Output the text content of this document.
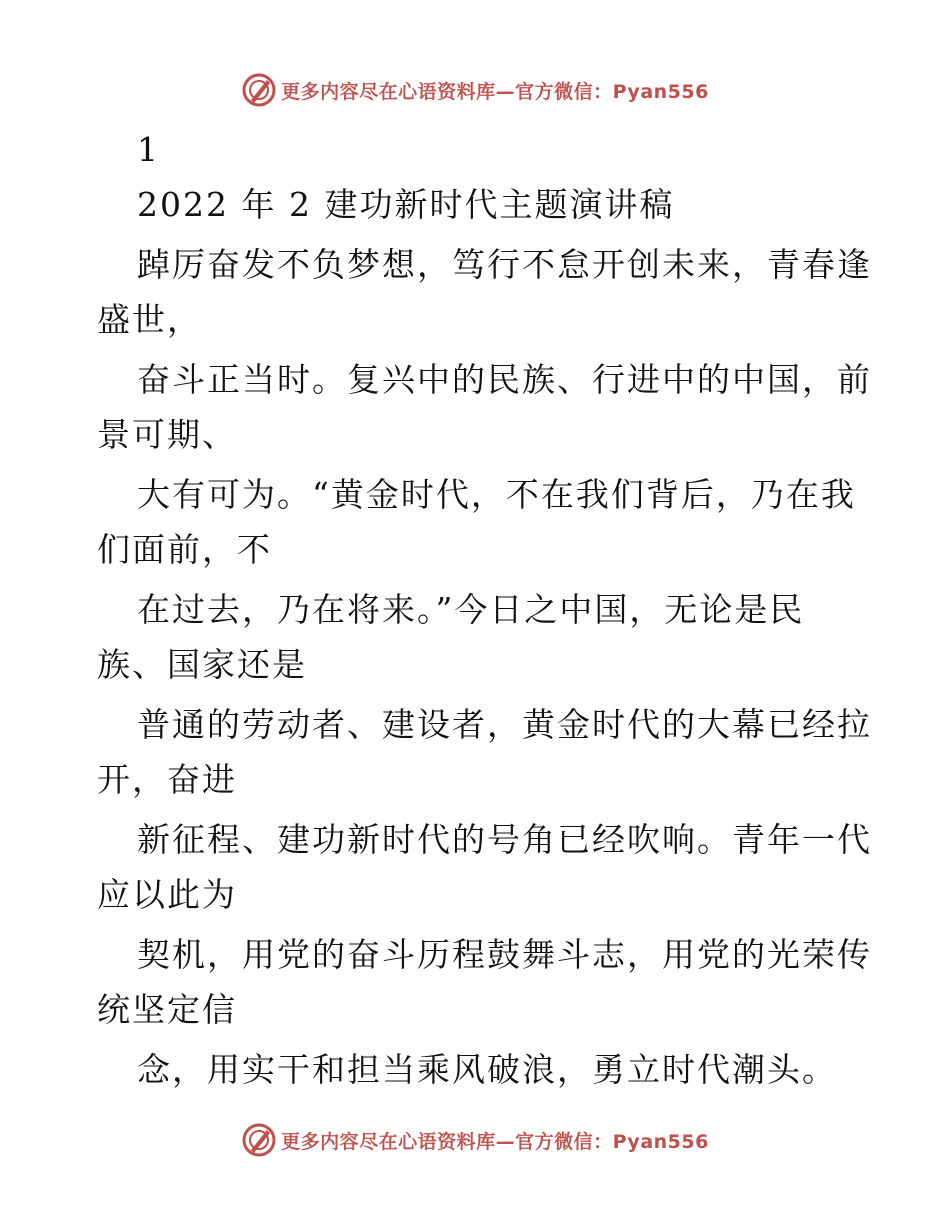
更多内容尽在心语资料库—官方微信：Pyan556
1
2022 年 2 建功新时代主题演讲稿
踔厉奋发不负梦想，笃行不怠开创未来，青春逢
盛世，
奋斗正当时。复兴中的民族、行进中的中国，前
景可期、
大有可为。“黄金时代，不在我们背后，乃在我
们面前，不
在过去，乃在将来。”今日之中国，无论是民
族、国家还是
普通的劳动者、建设者，黄金时代的大幕已经拉
开，奋进
新征程、建功新时代的号角已经吹响。青年一代
应以此为
契机，用党的奋斗历程鼓舞斗志，用党的光荣传
统坚定信
念，用实干和担当乘风破浪，勇立时代潮头。
更多内容尽在心语资料库—官方微信：Pyan556
